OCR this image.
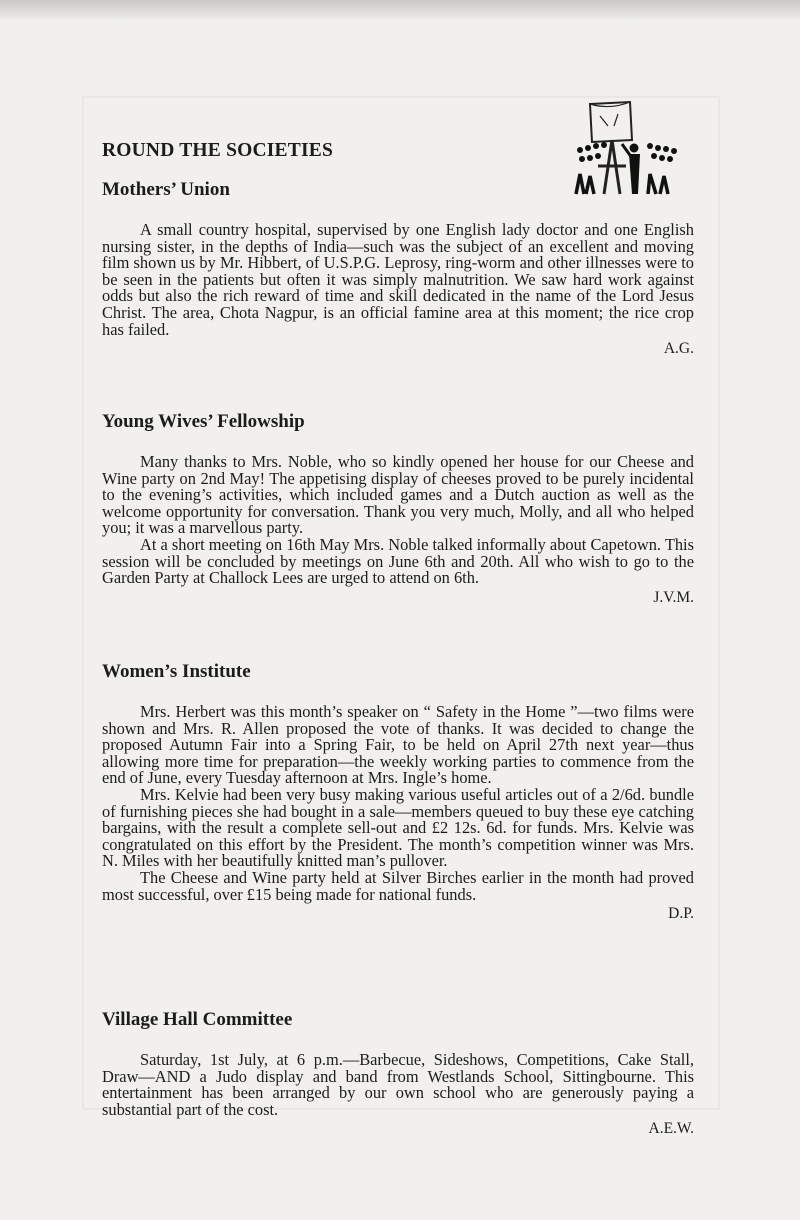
ROUND THE SOCIETIES
Mothers’ Union

A small country hospital, supervised by one English lady doctor and one English nursing sister, in the depths of India—such was the subject of an excellent and moving film shown us by Mr. Hibbert, of U.S.P.G. Leprosy, ring-worm and other illnesses were to be seen in the patients but often it was simply malnutrition. We saw hard work against odds but also the rich reward of time and skill dedicated in the name of the Lord Jesus Christ. The area, Chota Nagpur, is an official famine area at this moment; the rice crop has failed.

A.G.
Young Wives’ Fellowship

Many thanks to Mrs. Noble, who so kindly opened her house for our Cheese and Wine party on 2nd May! The appetising display of cheeses proved to be purely incidental to the evening’s activities, which included games and a Dutch auction as well as the welcome opportunity for conversation. Thank you very much, Molly, and all who helped you; it was a marvellous party.

At a short meeting on 16th May Mrs. Noble talked informally about Capetown. This session will be concluded by meetings on June 6th and 20th. All who wish to go to the Garden Party at Challock Lees are urged to attend on 6th.

J.V.M.
Women’s Institute

Mrs. Herbert was this month’s speaker on “ Safety in the Home ”—two films were shown and Mrs. R. Allen proposed the vote of thanks. It was decided to change the proposed Autumn Fair into a Spring Fair, to be held on April 27th next year—thus allowing more time for preparation—the weekly working parties to commence from the end of June, every Tuesday afternoon at Mrs. Ingle’s home.

Mrs. Kelvie had been very busy making various useful articles out of a 2/6d. bundle of furnishing pieces she had bought in a sale—members queued to buy these eye catching bargains, with the result a complete sell-out and £2 12s. 6d. for funds. Mrs. Kelvie was congratulated on this effort by the President. The month’s competition winner was Mrs. N. Miles with her beautifully knitted man’s pullover.

The Cheese and Wine party held at Silver Birches earlier in the month had proved most successful, over £15 being made for national funds.

D.P.
Village Hall Committee

Saturday, 1st July, at 6 p.m.—Barbecue, Sideshows, Competitions, Cake Stall, Draw—AND a Judo display and band from Westlands School, Sittingbourne. This entertainment has been arranged by our own school who are generously paying a substantial part of the cost.

A.E.W.
